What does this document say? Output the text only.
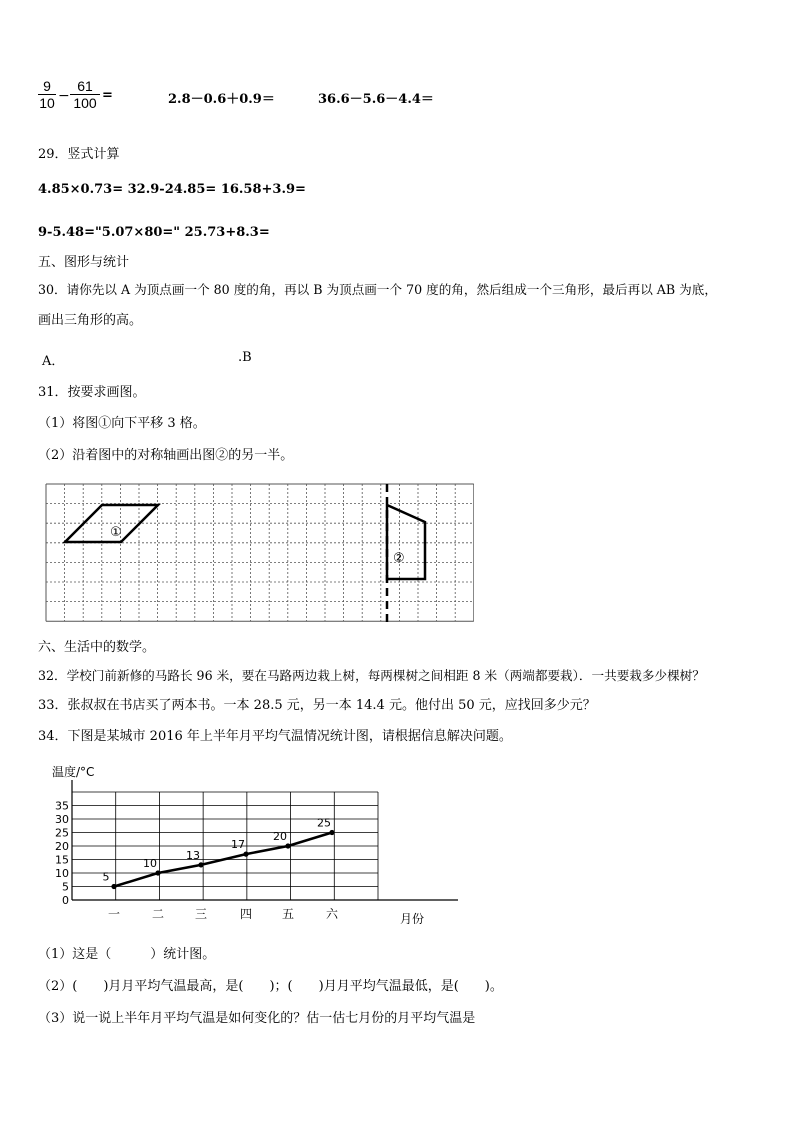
$\frac{9}{10} - \frac{61}{100}$ =	2.8－0.6＋0.9＝	36.6－5.6－4.4＝
29．竖式计算
4.85×0.73= 32.9-24.85= 16.58+3.9=
9-5.48="5.07×80=" 25.73+8.3=
五、图形与统计
30．请你先以 A 为顶点画一个 80 度的角，再以 B 为顶点画一个 70 度的角，然后组成一个三角形，最后再以 AB 为底，
画出三角形的高。
A．	.B
31．按要求画图。
（1）将图①向下平移 3 格。
（2）沿着图中的对称轴画出图②的另一半。
①
②
六、生活中的数学。
32．学校门前新修的马路长 96 米，要在马路两边栽上树，每两棵树之间相距 8 米（两端都要栽）．一共要栽多少棵树？
33．张叔叔在书店买了两本书。一本 28.5 元，另一本 14.4 元。他付出 50 元，应找回多少元？
34．下图是某城市 2016 年上半年月平均气温情况统计图，请根据信息解决问题。
温度/°C
0
5
10
15
20
25
30
35
一	二	三	四 五	六
5
10
13
17
20
25
月份
（1）这是（　　　）统计图。
（2）(　　)月月平均气温最高，是(　　)；(　　)月月平均气温最低，是(　　)。
（3）说一说上半年月平均气温是如何变化的？估一估七月份的月平均气温是
